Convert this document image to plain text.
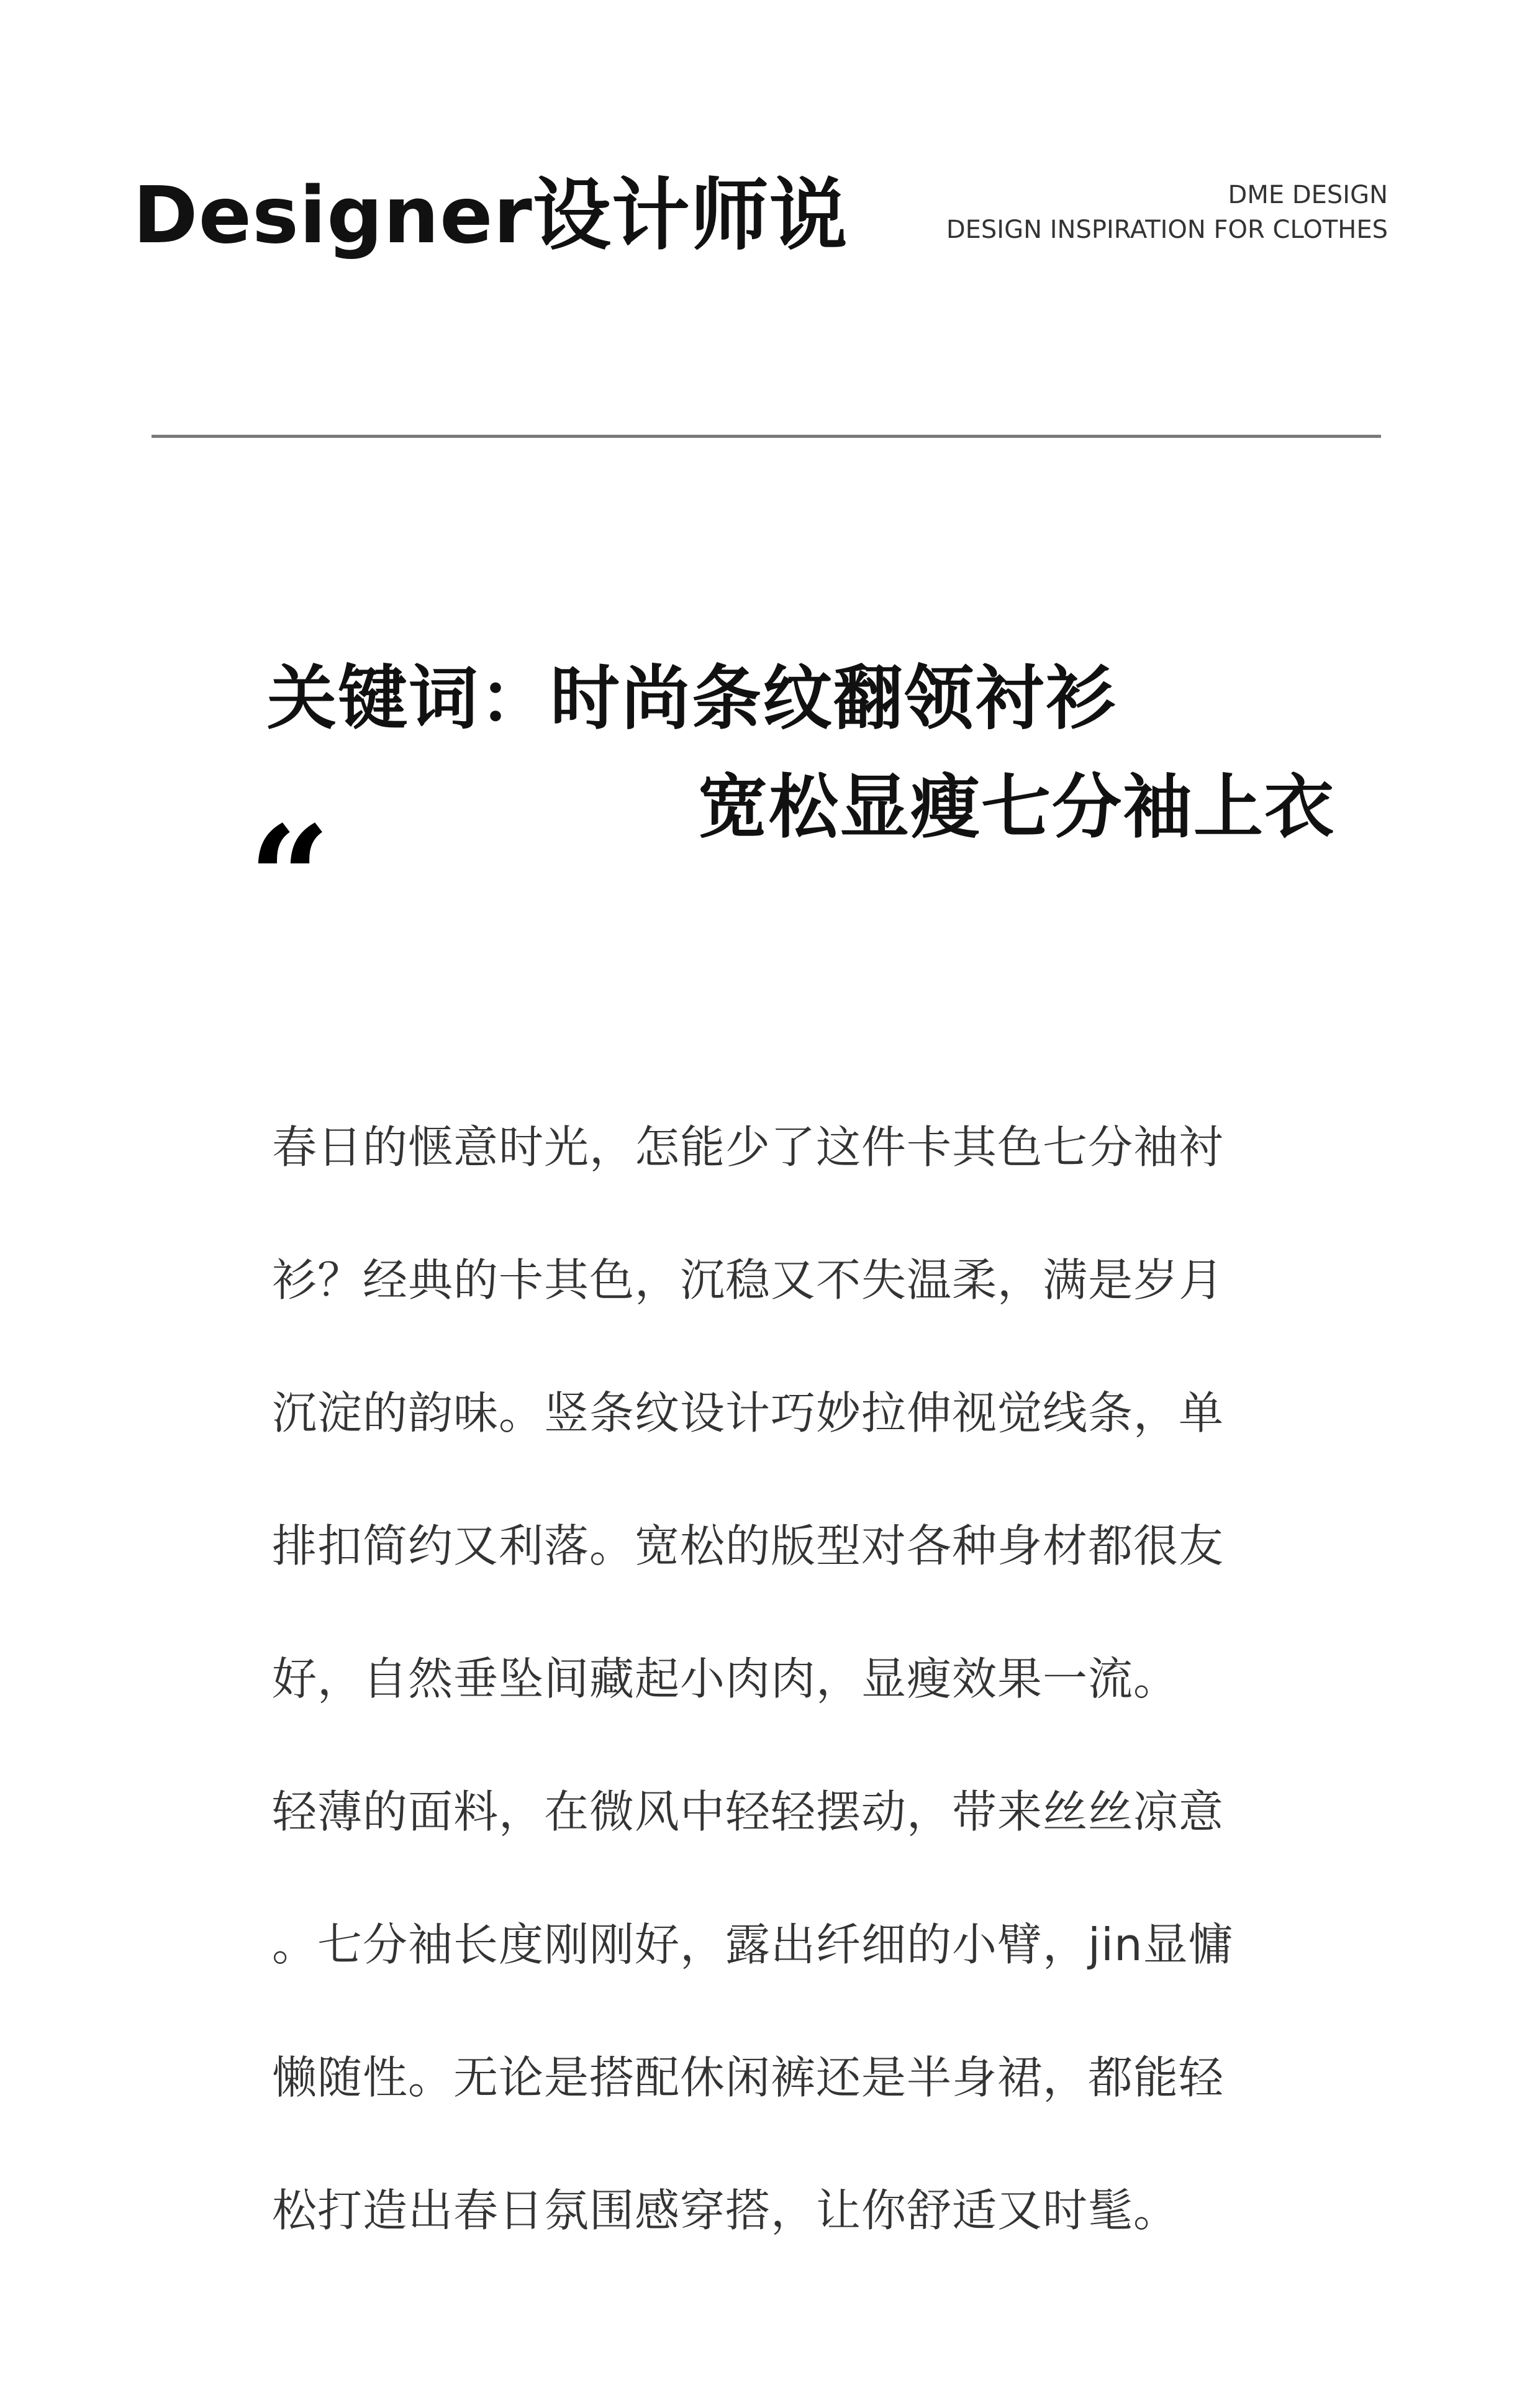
Designer设计师说	DME DESIGN
DESIGN INSPIRATION FOR CLOTHES
关键词：时尚条纹翻领衬衫
宽松显瘦七分袖上衣
“
春日的惬意时光，怎能少了这件卡其色七分袖衬
衫？经典的卡其色，沉稳又不失温柔，满是岁月
沉淀的韵味。竖条纹设计巧妙拉伸视觉线条，单
排扣简约又利落。宽松的版型对各种身材都很友
好，自然垂坠间藏起小肉肉，显瘦效果一流。
轻薄的面料，在微风中轻轻摆动，带来丝丝凉意
。七分袖长度刚刚好，露出纤细的小臂，jin显慵
懒随性。无论是搭配休闲裤还是半身裙，都能轻
松打造出春日氛围感穿搭，让你舒适又时髦。
